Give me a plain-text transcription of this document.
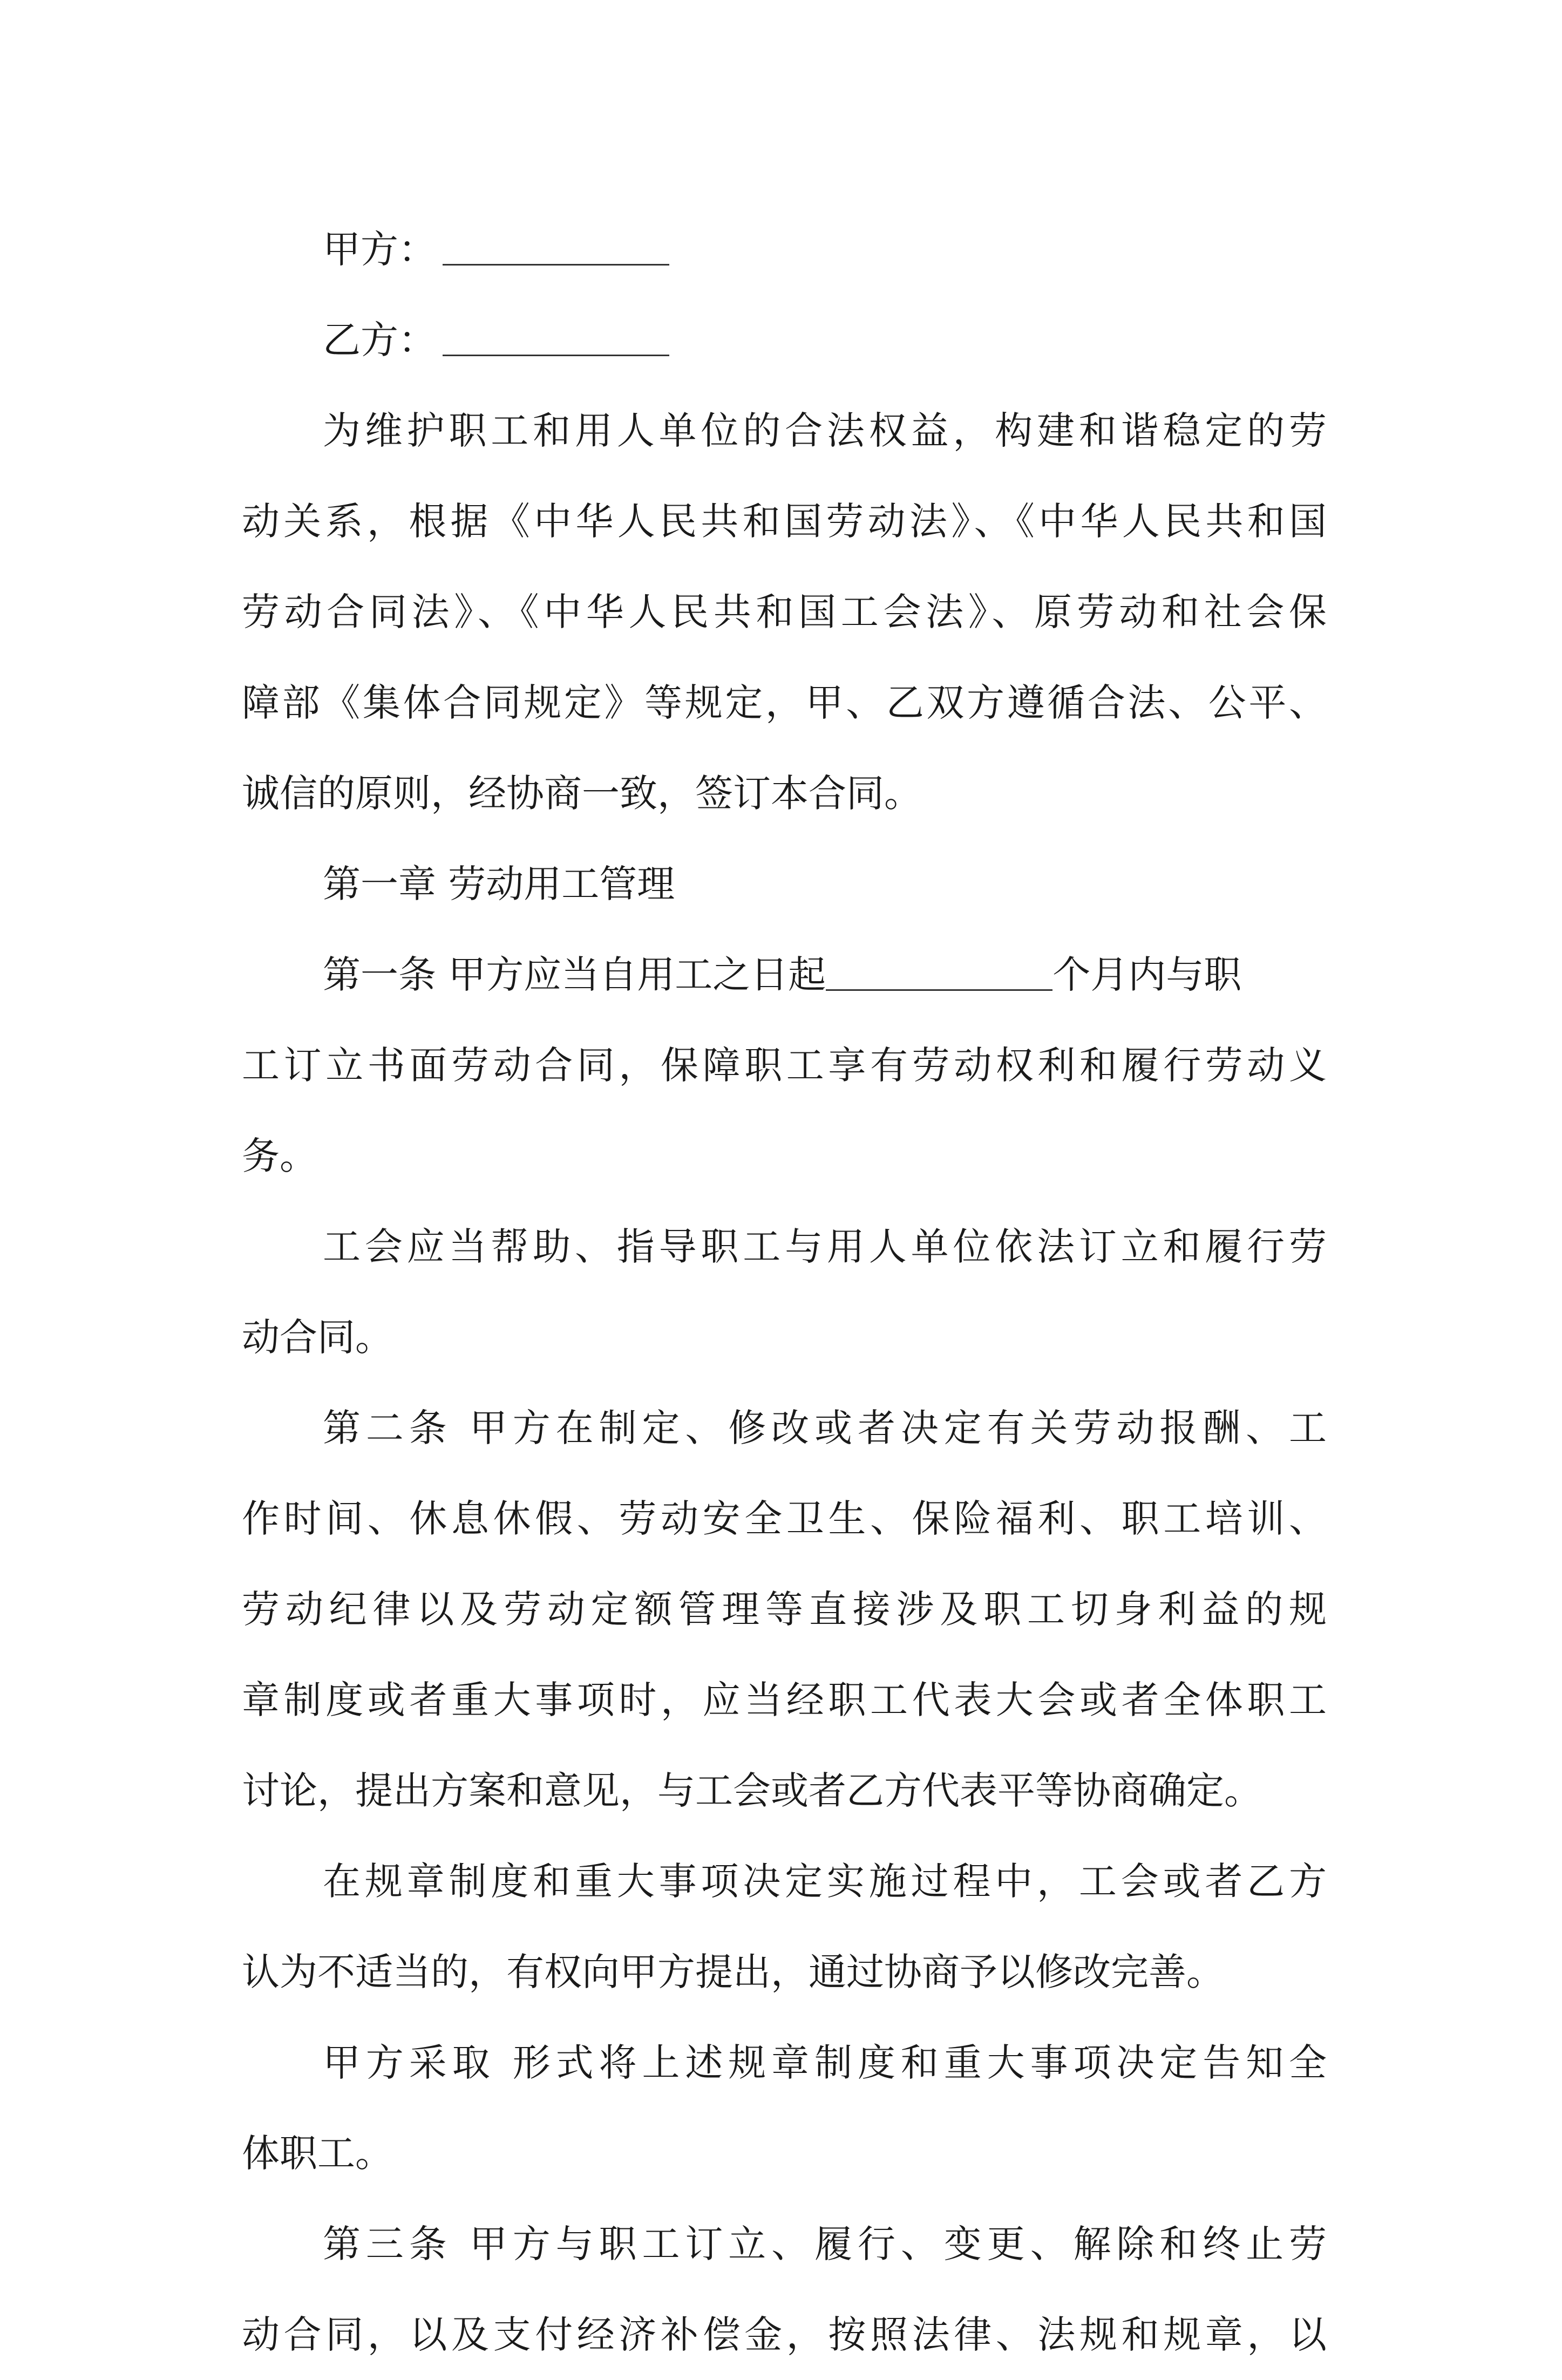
甲方：
乙方：
为维护职工和用人单位的合法权益，构建和谐稳定的劳
动关系，根据《中华人民共和国劳动法》、《中华人民共和国
劳动合同法》、《中华人民共和国工会法》、原劳动和社会保
障部《集体合同规定》等规定，甲、乙双方遵循合法、公平、
诚信的原则，经协商一致，签订本合同。
第一章 劳动用工管理
第一条 甲方应当自用工之日起	个月内与职
工订立书面劳动合同，保障职工享有劳动权利和履行劳动义
务。
工会应当帮助、指导职工与用人单位依法订立和履行劳
动合同。
第二条 甲方在制定、修改或者决定有关劳动报酬、工
作时间、休息休假、劳动安全卫生、保险福利、职工培训、
劳动纪律以及劳动定额管理等直接涉及职工切身利益的规
章制度或者重大事项时，应当经职工代表大会或者全体职工
讨论，提出方案和意见，与工会或者乙方代表平等协商确定。
在规章制度和重大事项决定实施过程中，工会或者乙方
认为不适当的，有权向甲方提出，通过协商予以修改完善。
甲方采取 形式将上述规章制度和重大事项决定告知全
体职工。
第三条 甲方与职工订立、履行、变更、解除和终止劳
动合同，以及支付经济补偿金，按照法律、法规和规章，以
